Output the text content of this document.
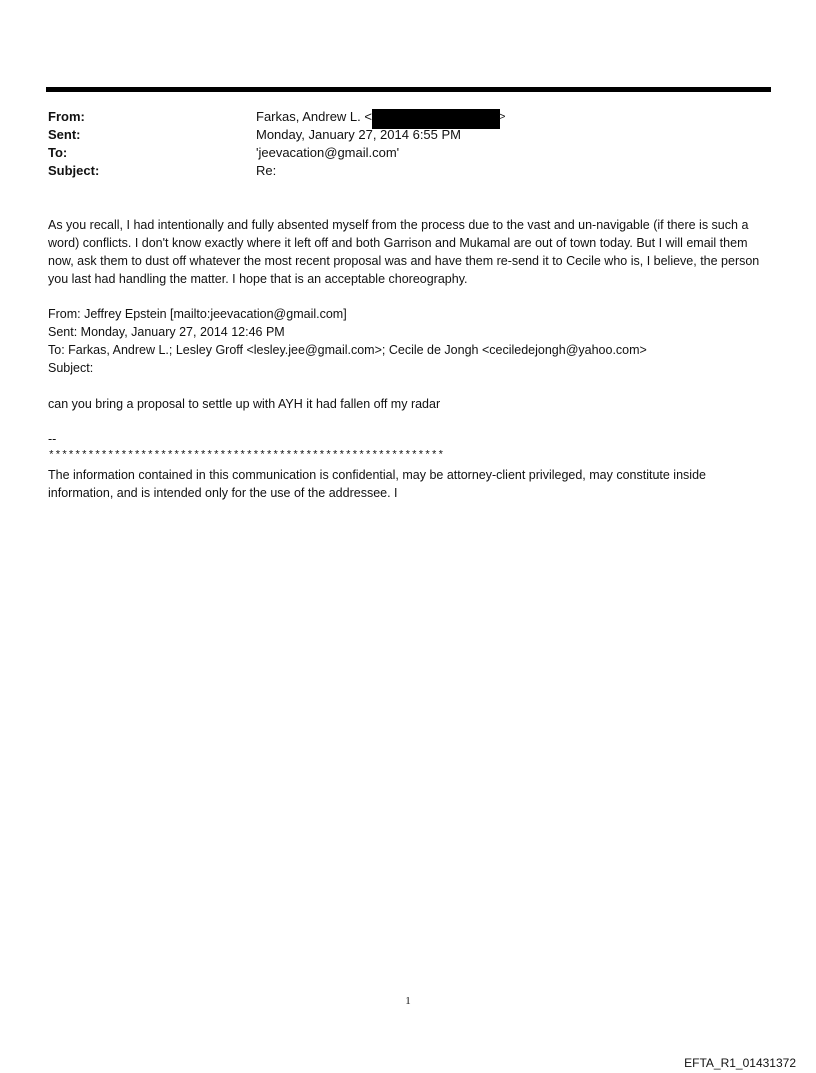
From:	Farkas, Andrew L. <	>
Sent:	Monday, January 27, 2014 6:55 PM
To:	'jeevacation@gmail.com'
Subject:	Re:

As you recall, I had intentionally and fully absented myself from the process due to the vast and un-navigable (if there is such a word) conflicts. I don't know exactly where it left off and both Garrison and Mukamal are out of town today. But I will email them now, ask them to dust off whatever the most recent proposal was and have them re-send it to Cecile who is, I believe, the person you last had handling the matter. I hope that is an acceptable choreography.

From: Jeffrey Epstein [mailto:jeevacation@gmail.com]
Sent: Monday, January 27, 2014 12:46 PM
To: Farkas, Andrew L.; Lesley Groff <lesley.jee@gmail.com>; Cecile de Jongh <ceciledejongh@yahoo.com>
Subject:
can you bring a proposal to settle up with AYH it had fallen off my radar
--
************************************************************
The information contained in this communication is confidential, may be attorney-client privileged, may constitute inside information, and is intended only for the use of the addressee. I
1
EFTA_R1_01431372
